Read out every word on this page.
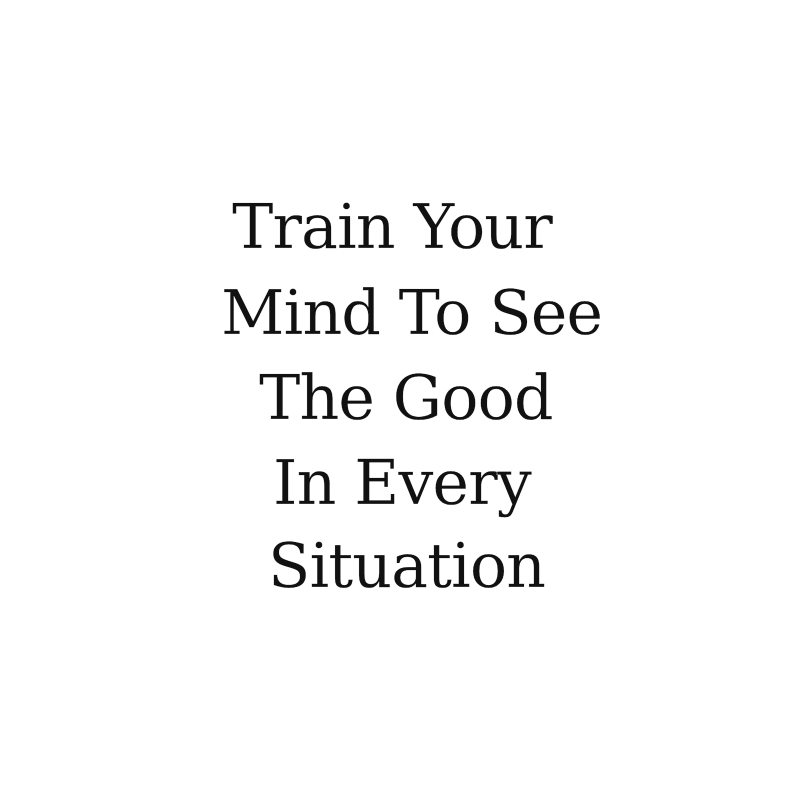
Train Your

Mind To See

The Good

In Every

Situation
